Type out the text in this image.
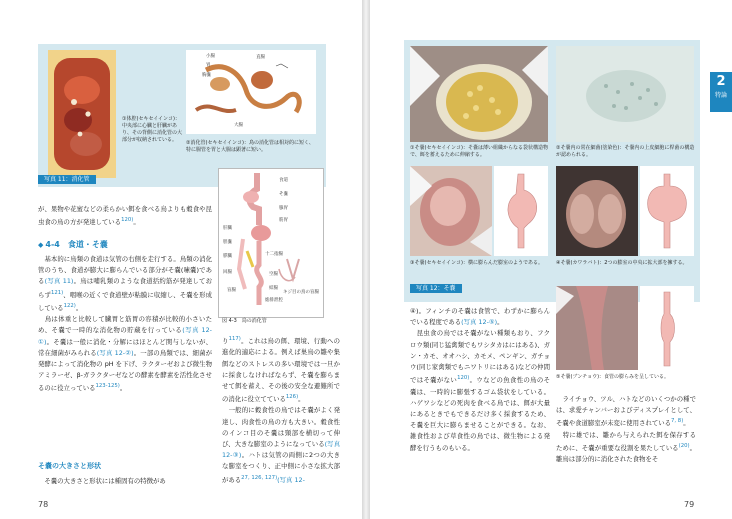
①体腔(セキセイインコ)：中央部に心臓と肝臓があり、その背側に消化管の大部分が収納されている。
小腸
胃
胸嚢
直腸
大腸
②消化管(セキセイインコ)：鳥の消化管は相対的に短く、特に腸管を胃と大腸は顕著に短い。
写真 11：消化管	食道
そ嚢
腺胃
筋胃
胆嚢
十二指腸
膵臓
回腸
盲腸	結腸
総排泄腔
肝臓
空腸
キジ目の鳥の盲腸
図 4-3　鳥の消化管

が、果物や花蜜などの柔らかい餌を食べる鳥よりも穀食や昆虫食の鳥の方が発達している$^{120)}$。

◆ 4-4　 食道・そ嚢

　基本的に鳥類の食道は気管の右側を走行する。鳥類の消化管のうち、食道が膨大に膨らんでいる部分がそ嚢(嗉嚢)である(写真 11)。鳥は哺乳類のような食道括約筋が発達しておらず$^{121)}$、咽喉の近くで食道壁が粘膜に収縮し、そ嚢を形成している$^{122)}$。

　鳥は体重と比較して臓胃と筋胃の容積が比較的小さいため、そ嚢で一時的な消化物の貯蔵を行っている(写真 12-①)。そ嚢は一般に消化・分解にはほとんど関与しないが、常在細菌がみられる(写真 12-②)。一部の鳥類では、細菌が発酵によって消化物の pH を下げ、ラクターゼおよび微生物アミラーゼ、β-ガラクターゼなどの酵素を酵素を活性化させるのに役立っている$^{123-125)}$。

そ嚢の大きさと形状

　そ嚢の大きさと形状には種固有の特徴があ

り$^{117)}$。これは鳥の餌、環境、行動への進化的適応による。例えば巣鳥の雛や集餌などのストレスの多い環境では一旦かに採食しなければならず、そ嚢を膨らませて餌を蓄え、その後の安全な避難所での消化に役立てている$^{126)}$。

　一般的に穀食性の鳥ではそ嚢がよく発達し、肉食性の鳥の方も大きい。穀食性のインコ目のそ嚢は頸部を横切って伸び、大きな膨室のようになっている(写真 12-③)。ハトは気管の両側に2つの大きな膨室をつくり、正中側に小さな拡大部がある$^{27, 126, 127)}$(写真 12-

78
①そ嚢(セキセイインコ)：そ嚢は薄い組織からなる袋状構造物で、餌を蓄えるために伸縮する。
②そ嚢内の常在細菌(塗染色)：そ嚢内の上皮細胞に桿菌の構造が認められる。
③そ嚢(セキセイインコ)：横に膨らんだ膨室のようである。	④そ嚢(カワラバト)：2つの膨室の中央に拡大部を擁する。
写真 12：そ嚢
⑤そ嚢(ブンチョウ)：食管の膨らみを呈している。

④)。フィンチのそ嚢は食管で、わずかに膨らんでいる程度である(写真 12-⑤)。

　昆虫食の鳥ではそ嚢がない種類もおり、フクロウ類(同じ猛禽類でもワシタカはにはある)、ガン・カモ、オオハシ、カモメ、ペンギン、ガチョウ(同じ家禽類でもニワトリにはある)などの仲間ではそ嚢がない$^{120)}$。ウなどの魚食性の鳥のそ嚢は、一時的に膨張するゴム袋状をしている。ハゲワシなどの死肉を食べる鳥では、餌が大量にあるときでもできるだけ多く採食するため、そ嚢を巨大に膨らませることができる。なお、雑食性および草食性の鳥では、微生物による発酵を行うものもいる。

　ライチョウ、ツル、ハトなどのいくつかの種では、求愛チャンバーおよびディスプレイとして、そ嚢や食道膨室が未変に使用されている$^{7, 8)}$。

　特に雄では、雛から与えられた餌を保存するために、そ嚢が重要な役割を果たしている$^{(20)}$。雛鳥は部分的に消化された食物をそ

2
特論
79
